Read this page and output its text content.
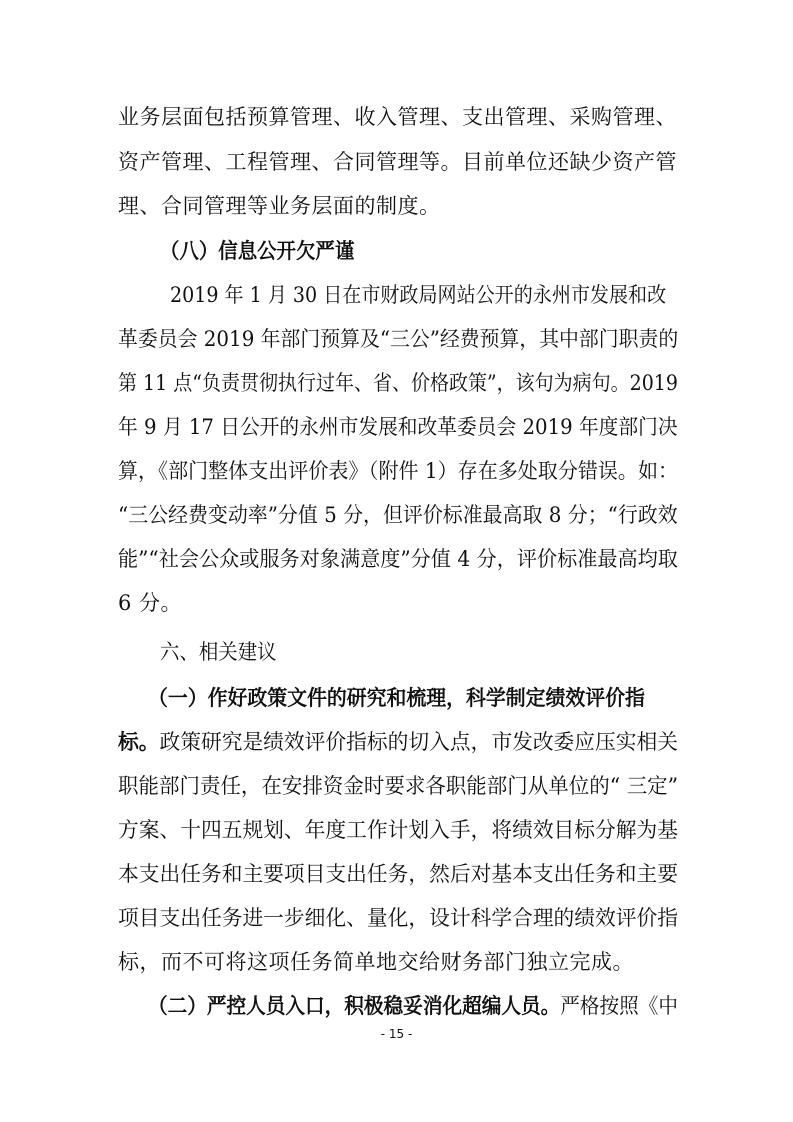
业务层面包括预算管理、收入管理、支出管理、采购管理、
资产管理、工程管理、合同管理等。目前单位还缺少资产管
理、合同管理等业务层面的制度。
（八）信息公开欠严谨
2019 年 1 月 30 日在市财政局网站公开的永州市发展和改
革委员会 2019 年部门预算及“三公”经费预算，其中部门职责的
第 11 点“负责贯彻执行过年、省、价格政策”，该句为病句。2019
年 9 月 17 日公开的永州市发展和改革委员会 2019 年度部门决
算，《部门整体支出评价表》（附件 1）存在多处取分错误。如：
“三公经费变动率”分值 5 分，但评价标准最高取 8 分；“行政效
能”“社会公众或服务对象满意度”分值 4 分，评价标准最高均取
6 分。
六、相关建议
（一）作好政策文件的研究和梳理，科学制定绩效评价指
标。政策研究是绩效评价指标的切入点，市发改委应压实相关
职能部门责任，在安排资金时要求各职能部门从单位的“ 三定”
方案、十四五规划、年度工作计划入手，将绩效目标分解为基
本支出任务和主要项目支出任务，然后对基本支出任务和主要
项目支出任务进一步细化、量化，设计科学合理的绩效评价指
标，而不可将这项任务简单地交给财务部门独立完成。
（二）严控人员入口，积极稳妥消化超编人员。严格按照《中
- 15 -
